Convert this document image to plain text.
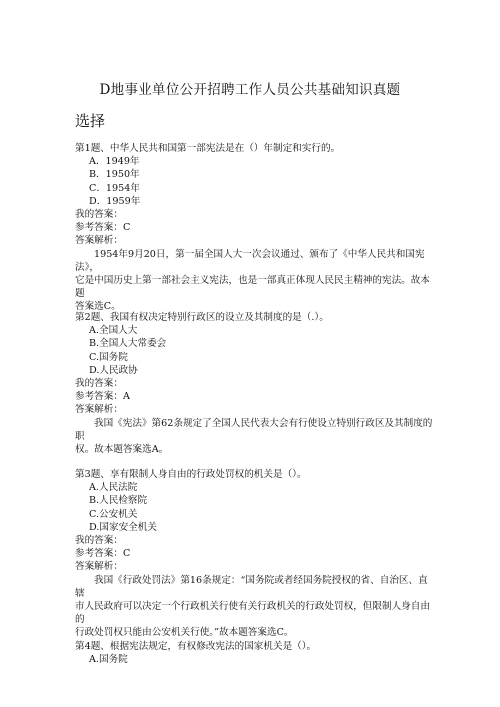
D地事业单位公开招聘工作人员公共基础知识真题
选择

第1题、中华人民共和国第一部宪法是在（）年制定和实行的。

A．1949年

B．1950年

C．1954年

D．1959年

我的答案：

参考答案：C

答案解析：

1954年9月20日，第一届全国人大一次会议通过、颁布了《中华人民共和国宪法》，

它是中国历史上第一部社会主义宪法，也是一部真正体现人民民主精神的宪法。故本题

答案选C。

第2题、我国有权决定特别行政区的设立及其制度的是（.）。

A.全国人大

B.全国人大常委会

C.国务院

D.人民政协

我的答案：

参考答案：A

答案解析：

我国《宪法》第62条规定了全国人民代表大会有行使设立特别行政区及其制度的职

权。故本题答案选A。

第3题、享有限制人身自由的行政处罚权的机关是（）。

A.人民法院

B.人民检察院

C.公安机关

D.国家安全机关

我的答案：

参考答案：C

答案解析：

我国《行政处罚法》第16条规定：“国务院或者经国务院授权的省、自治区、直辖

市人民政府可以决定一个行政机关行使有关行政机关的行政处罚权，但限制人身自由的

行政处罚权只能由公安机关行使。”故本题答案选C。

第4题、根据宪法规定，有权修改宪法的国家机关是（）。

A.国务院
